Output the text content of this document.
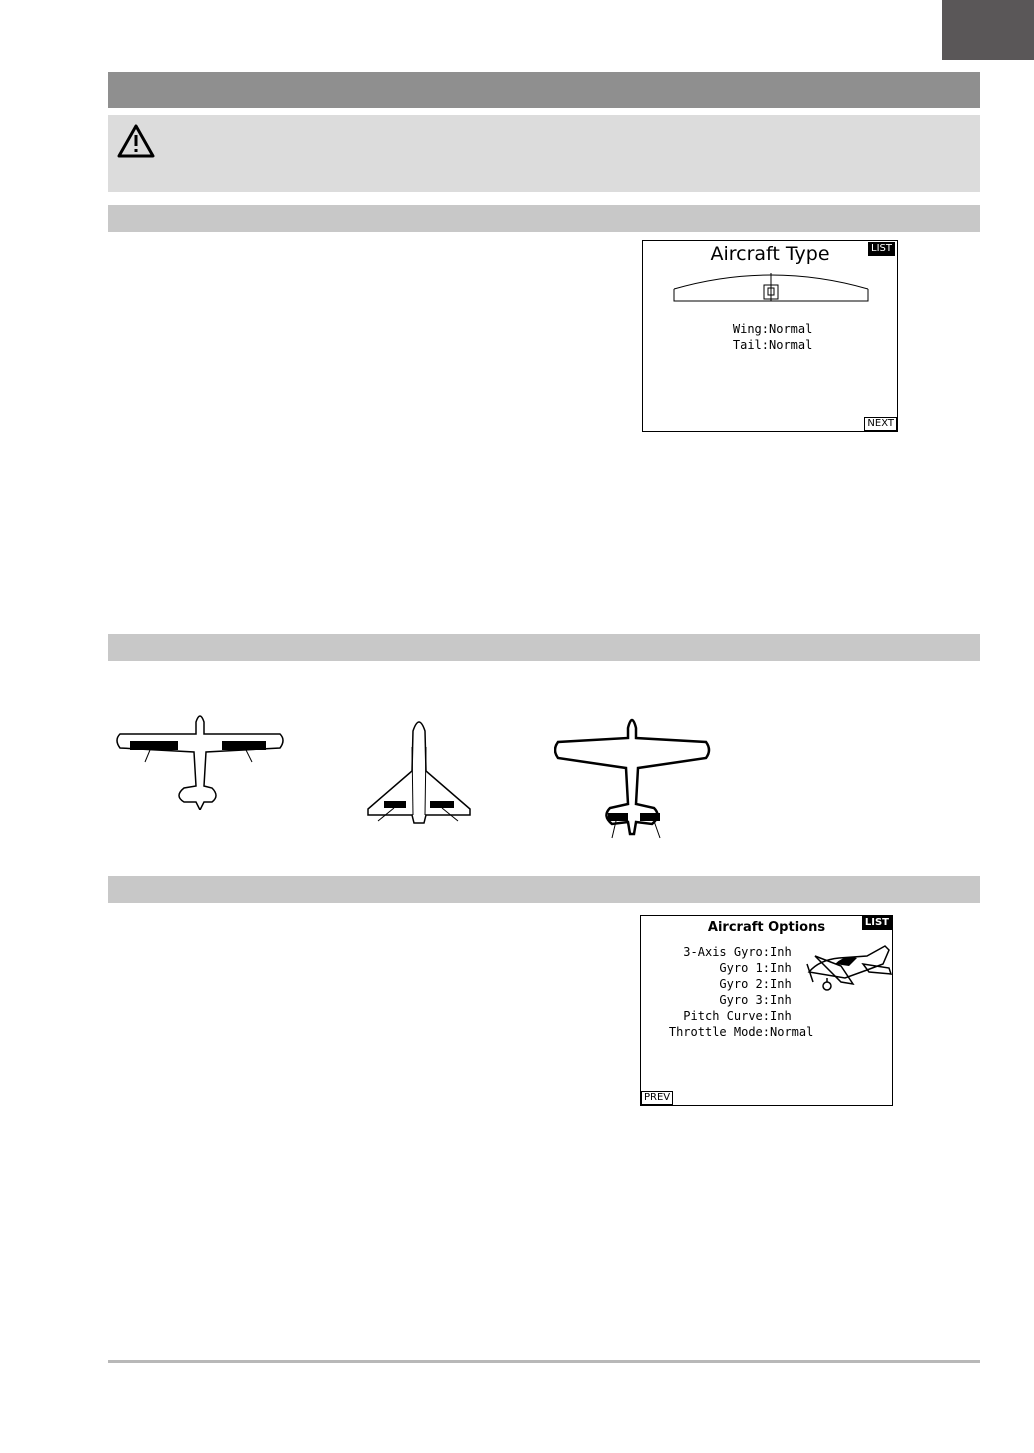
Aircraft Type	LIST
Wing:Normal
Tail:Normal
NEXT
Aircraft Options	LIST
3-Axis Gyro:Inh
Gyro 1:Inh
Gyro 2:Inh
Gyro 3:Inh
Pitch Curve:Inh
Throttle Mode:Normal
PREV
